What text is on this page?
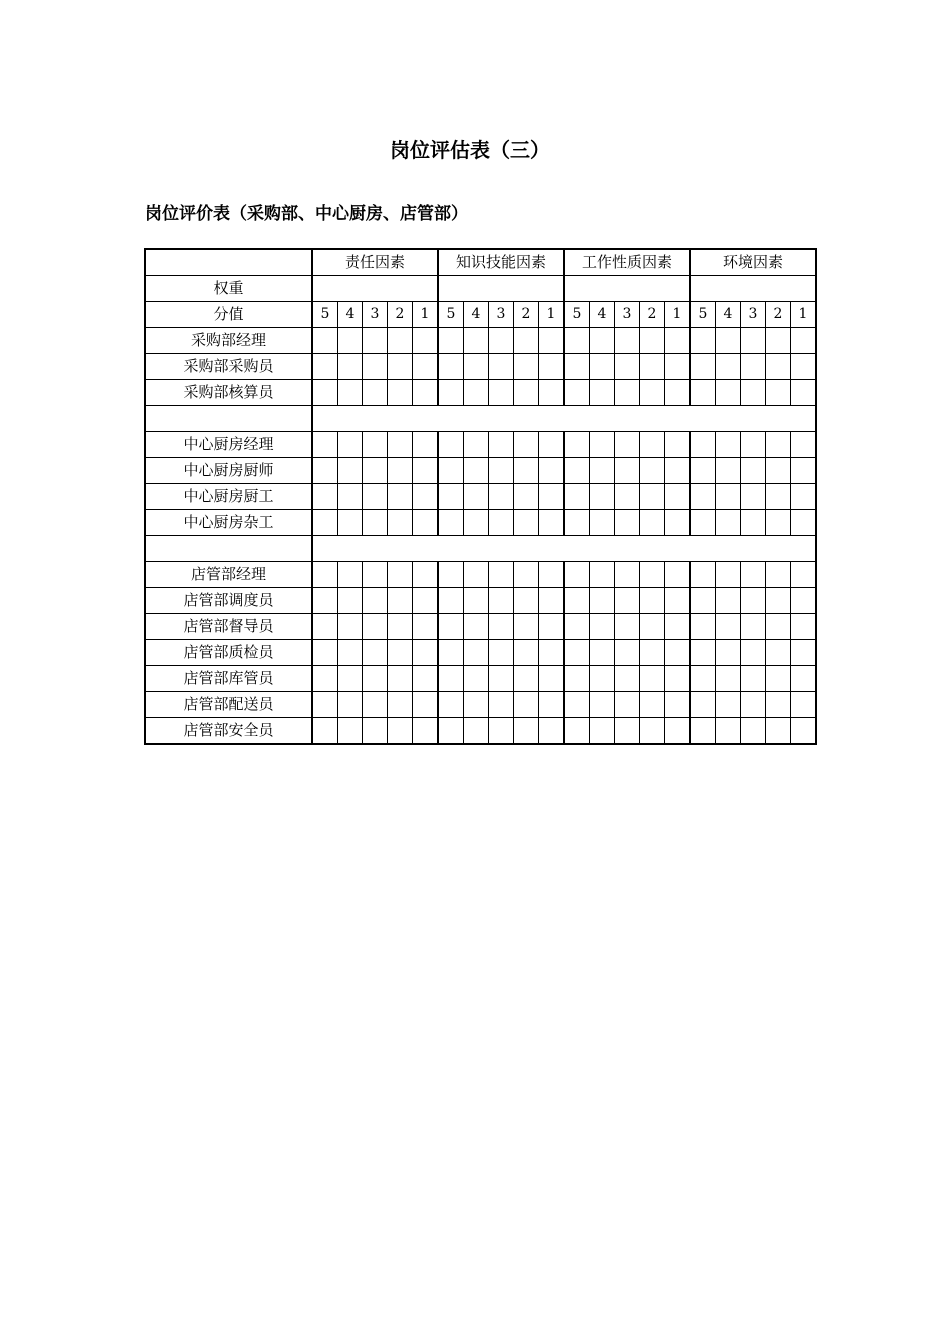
岗位评估表（三）
岗位评价表（采购部、中心厨房、店管部）
	责任因素					知识技能因素					工作性质因素					环境因素				
权重																				
分值	5	4	3	2	1	5	4	3	2	1	5	4	3	2	1	5	4	3	2	1
采购部经理																				
采购部采购员																				
采购部核算员																				

中心厨房经理																				
中心厨房厨师																				
中心厨房厨工																				
中心厨房杂工																				

店管部经理																				
店管部调度员																				
店管部督导员																				
店管部质检员																				
店管部库管员																				
店管部配送员																				
店管部安全员																				
